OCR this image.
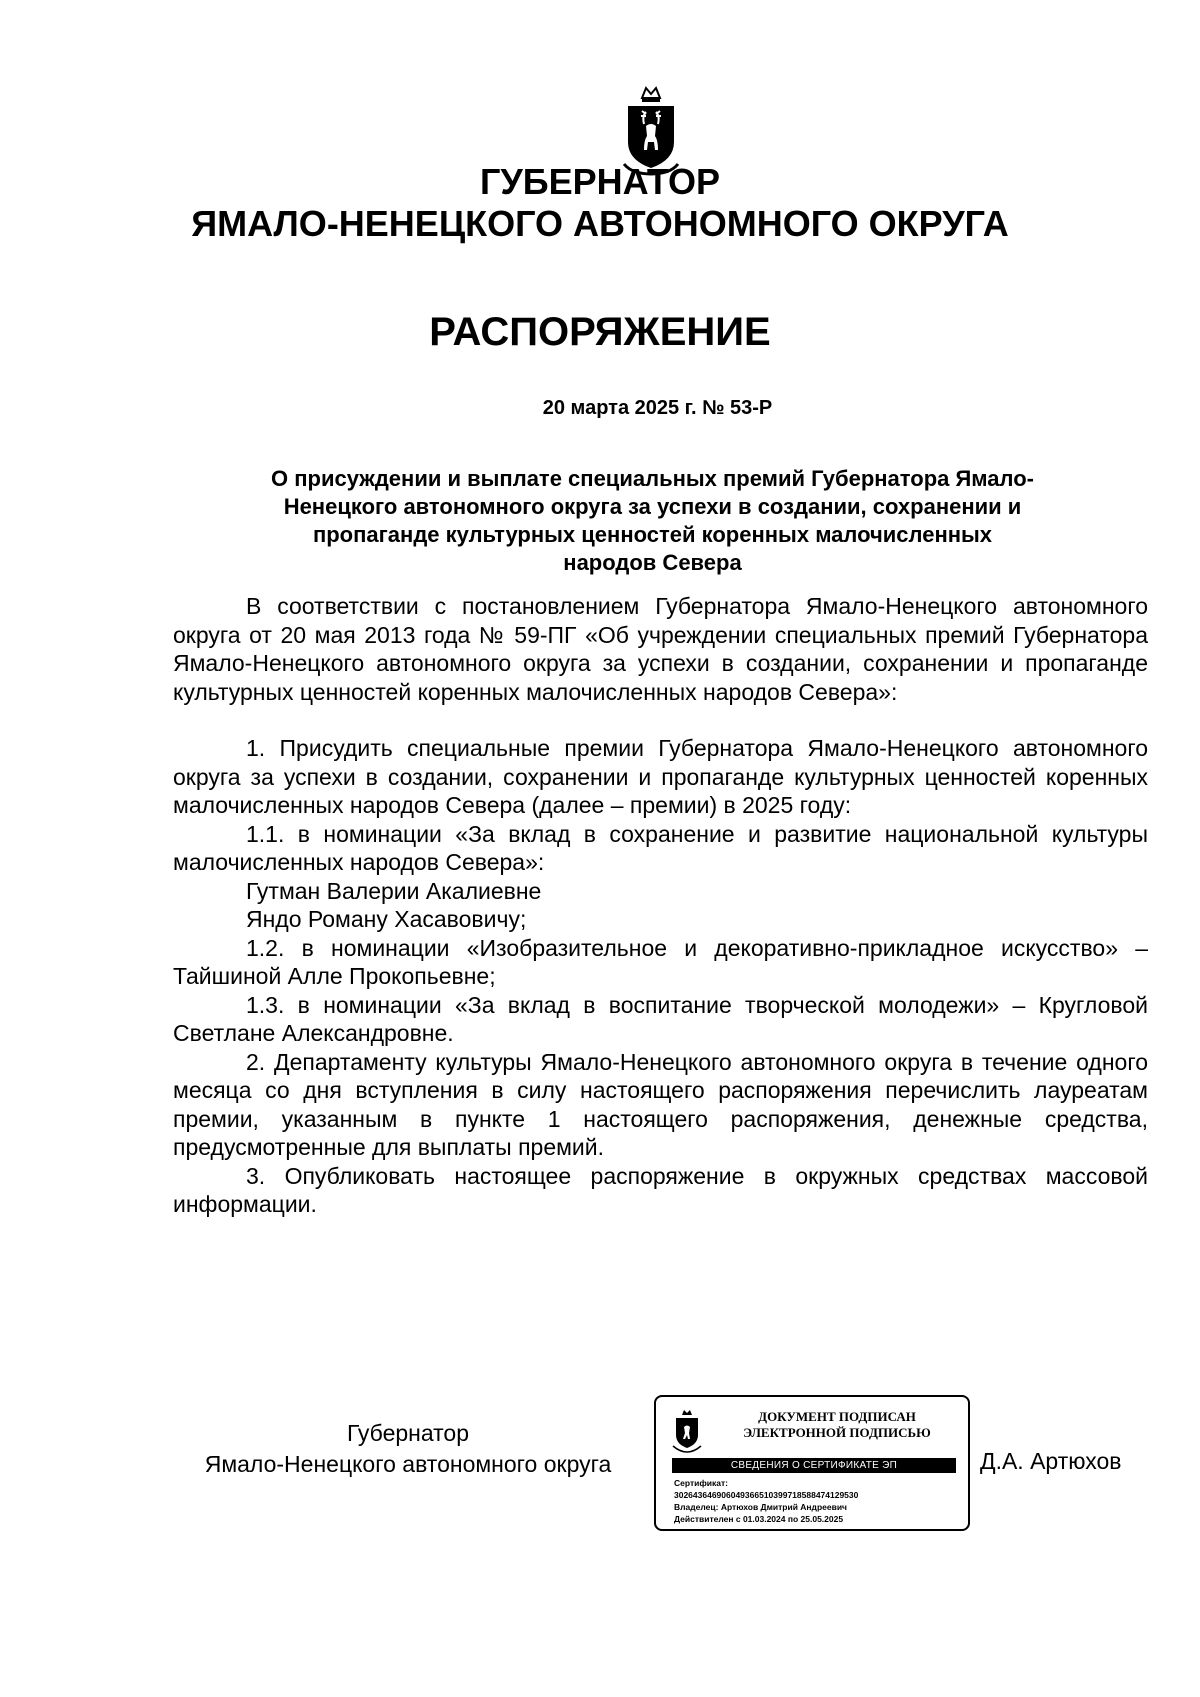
ГУБЕРНАТОР
ЯМАЛО-НЕНЕЦКОГО АВТОНОМНОГО ОКРУГА
РАСПОРЯЖЕНИЕ
20 марта 2025 г. № 53-Р
О присуждении и выплате специальных премий Губернатора Ямало-
Ненецкого автономного округа за успехи в создании, сохранении и
пропаганде культурных ценностей коренных малочисленных
народов Севера

В соответствии с постановлением Губернатора Ямало-Ненецкого автономного округа от 20 мая 2013 года № 59-ПГ «Об учреждении специальных премий Губернатора Ямало-Ненецкого автономного округа за успехи в создании, сохранении и пропаганде культурных ценностей коренных малочисленных народов Севера»:

1. Присудить специальные премии Губернатора Ямало-Ненецкого автономного округа за успехи в создании, сохранении и пропаганде культурных ценностей коренных малочисленных народов Севера (далее – премии) в 2025 году:

1.1. в номинации «За вклад в сохранение и развитие национальной культуры малочисленных народов Севера»:

Гутман Валерии Акалиевне

Яндо Роману Хасавовичу;

1.2. в номинации «Изобразительное и декоративно-прикладное искусство» – Тайшиной Алле Прокопьевне;

1.3. в номинации «За вклад в воспитание творческой молодежи» – Кругловой Светлане Александровне.

2. Департаменту культуры Ямало-Ненецкого автономного округа в течение одного месяца со дня вступления в силу настоящего распоряжения перечислить лауреатам премии, указанным в пункте 1 настоящего распоряжения, денежные средства, предусмотренные для выплаты премий.

3. Опубликовать настоящее распоряжение в окружных средствах массовой информации.

Губернатор
Ямало-Ненецкого автономного округа
ДОКУМЕНТ ПОДПИСАН
ЭЛЕКТРОННОЙ ПОДПИСЬЮ
СВЕДЕНИЯ О СЕРТИФИКАТЕ ЭП
Сертификат:
302643646906049366510399718588474129530
Владелец: Артюхов Дмитрий Андреевич
Действителен с 01.03.2024 по 25.05.2025
Д.А. Артюхов
